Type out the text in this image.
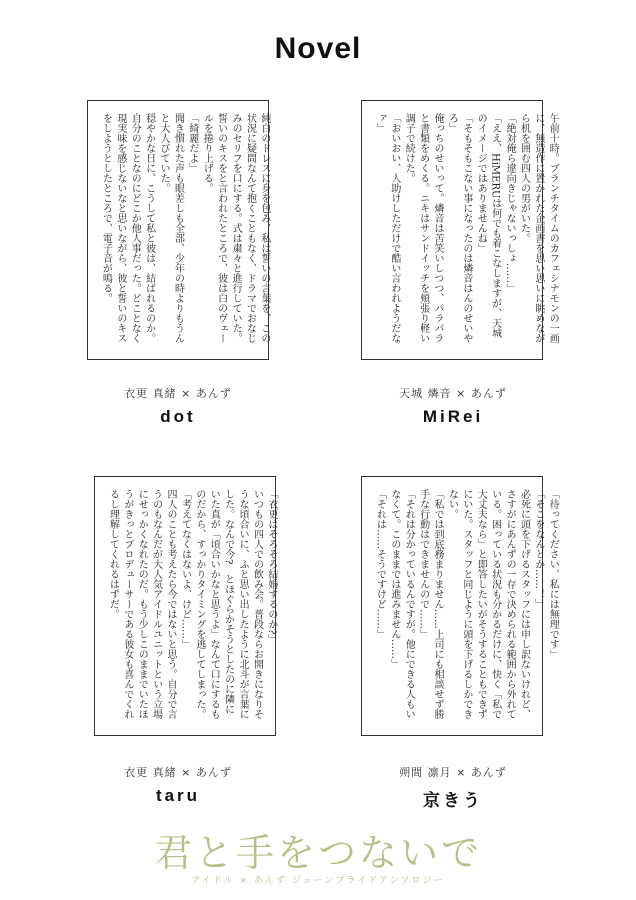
Novel
純白のドレスに身を包み、私は誓いの言葉を、この状況に疑問なんて抱くこともなく、ドラマでおなじみのセリフを口にする。式は粛々と進行していた。誓いのキスをと言われたところで、彼は白のヴェールを捲り上げる。
「綺麗だよ」
聞き慣れた声も眼差しも全部、少年の時よりもうんと大人びていた。
穏やかな日に、こうして私と彼は、結ばれるのか。自分のことなのにどこか他人事だった。どことなく現実味を感じないなと思いながら、彼と誓いのキスをしようとしたところで、電子音が鳴る。	午前十時。ブランチタイムのカフェシナモンの一画に、無造作に置かれた企画書を思い思いに眺めながら机を囲む四人の男がいた。
「絶対俺ら違向きじゃないっしょ……」
「ええ、HiMERUは何でも着こなしますが、天城のイメージではありませんね」
「そもそもこない事になったのは燐音はんのせいやろ」
俺っちのせいって。燐音は苦笑いしつつ、パラパラと書類をめくる。ニキはサンドイッチを頬張り軽い調子で続けた。
「おいおい、人助けしただけで酷い言われようだなァ」
「衣更はそろそろ結婚するのか?」
いつもの四人での飲み会。普段ならお開きになりそうな頃合いに、ふと思い出したように北斗が言葉にした。なんで今?　とほぐらかそうとしたのに隣にいた真が「頃合いかなと思うよ」なんて口にするものだから、すっかりタイミングを逃してしまった。
「考えてなくはないよ、けど……」
四人のことも考えたら今ではないと思う。自分で言うのもなんだが大人気アイドルユニットという立場にせっかくなれたのだ。もう少しこのままでいたほうがきっとプロデューサーである彼女も喜んでくれるし理解してくれるはずだ。	「待ってください、私には無理です」
「そこをなんとか……！」
必死に頭を下げるスタッフには申し訳ないけれど、さすがにあんずの一存で決められる範囲から外れている。困っている状況も分かるだけに、快く「私で大丈夫なら」と即答したいがそうすることもできずにいた。スタッフと同じように頭を下げるしかできない。
「私では到底務まりません……上司にも相談せず勝手な行動はできませんので……」
「それは分かっているんですが。他にできる人もいなくて。このままでは進みません……」
「それは……そうですけど……」
衣更 真緒 × あんず
dot
天城 燐音 × あんず
MiRei
衣更 真緒 × あんず
taru
朔間 凛月 × あんず
京きう
君と手をつないで
アイドル × あんず ジューンブライドアンソロジー
